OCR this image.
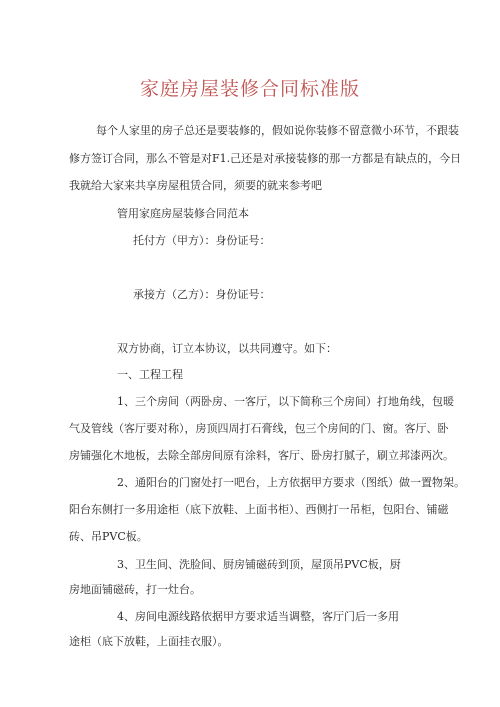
家庭房屋装修合同标准版
每个人家里的房子总还是要装修的，假如说你装修不留意微小环节，不跟装
修方签订合同，那么不管是对F1.己还是对承接装修的那一方都是有缺点的，今日
我就给大家来共享房屋租赁合同，须要的就来参考吧
管用家庭房屋装修合同范本
托付方（甲方）：身份证号：
承接方（乙方）：身份证号：
双方协商，订立本协议，以共同遵守。如下：
一、工程工程
1、三个房间（两卧房、一客厅，以下简称三个房间）打地角线，包暖
气及管线（客厅要对称），房顶四周打石膏线，包三个房间的门、窗。客厅、卧
房铺强化木地板，去除全部房间原有涂料，客厅、卧房打腻子，刷立邦漆两次。
2、通阳台的门窗处打一吧台，上方依据甲方要求（图纸）做一置物架。
阳台东侧打一多用途柜（底下放鞋、上面书柜）、西侧打一吊柜，包阳台、铺磁
砖、吊PVC板。
3、卫生间、洗脸间、厨房铺磁砖到顶，屋顶吊PVC板，厨
房地面铺磁砖，打一灶台。
4、房间电源线路依据甲方要求适当调整，客厅门后一多用
途柜（底下放鞋，上面挂衣服）。
